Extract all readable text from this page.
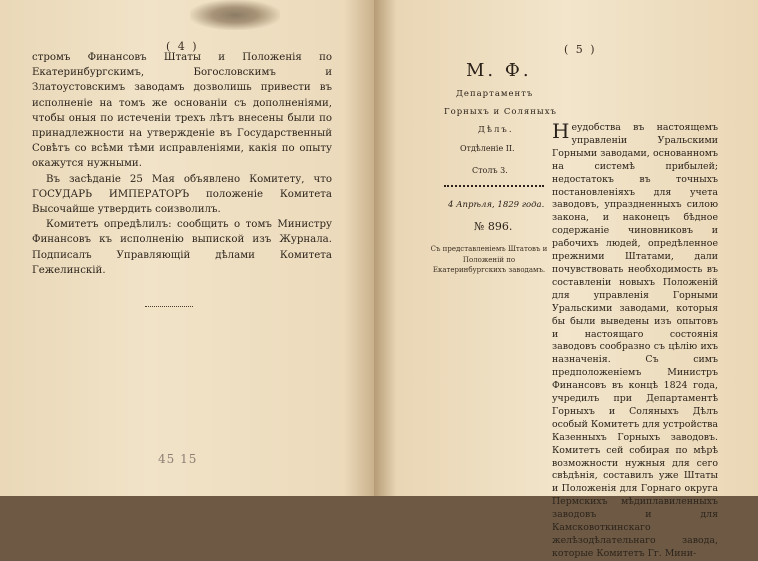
( 4 )

стромъ Финансовъ Штаты и Положенія по Екатеринбургскимъ, Богословскимъ и Златоустовскимъ заводамъ дозволишь привести въ исполненіе на томъ же основаніи съ дополненіями, чтобы оныя по истеченіи трехъ лѣтъ внесены были по принадлежности на утвержденіе въ Государственный Совѣтъ со всѣми тѣми исправленіями, какія по опыту окажутся нужными.

Въ засѣданіе 25 Мая объявлено Комитету, что ГОСУДАРЬ ИМПЕРАТОРЪ положеніе Комитета Высочайше утвердить соизволилъ.

Комитетъ опредѣлилъ: сообщить о томъ Министру Финансовъ къ исполненію выпиской изъ Журнала. Подписалъ Управляющій дѣлами Комитета Гежелинскій.

45 15
( 5 )
М. Ф.
Департаментъ
Горныхъ и Соляныхъ
Дѣлъ.
Отдѣленіе II.
Столъ 3.
4 Апрѣля, 1829 года.
№ 896.
Съ представленіемъ Штатовъ и Положеній по Екатеринбургскихъ заводамъ.
Неудобства въ настоящемъ управленіи Уральскими Горными заводами, основанномъ на системѣ прибылей; недостатокъ въ точныхъ постановленіяхъ для учета заводовъ, упраздненныхъ силою закона, и наконецъ бѣдное содержаніе чиновниковъ и рабочихъ людей, опредѣленное прежними Штатами, дали почувствовать необходимость въ составленіи новыхъ Положеній для управленія Горными Уральскими заводами, которыя бы были выведены изъ опытовъ и настоящаго состоянія заводовъ сообразно съ цѣлію ихъ назначенія. Съ симъ предположеніемъ Министръ Финансовъ въ концѣ 1824 года, учредилъ при Департаментѣ Горныхъ и Соляныхъ Дѣлъ особый Комитетъ для устройства Казенныхъ Горныхъ заводовъ. Комитетъ сей собирая по мѣрѣ возможности нужныя для сего свѣдѣнія, составилъ уже Штаты и Положенія для Горнаго округа Пермскихъ мѣдиплавиленныхъ заводовъ и для Камсковоткинскаго желѣзодѣлательнаго завода, которые Комитетъ Гг. Мини-
